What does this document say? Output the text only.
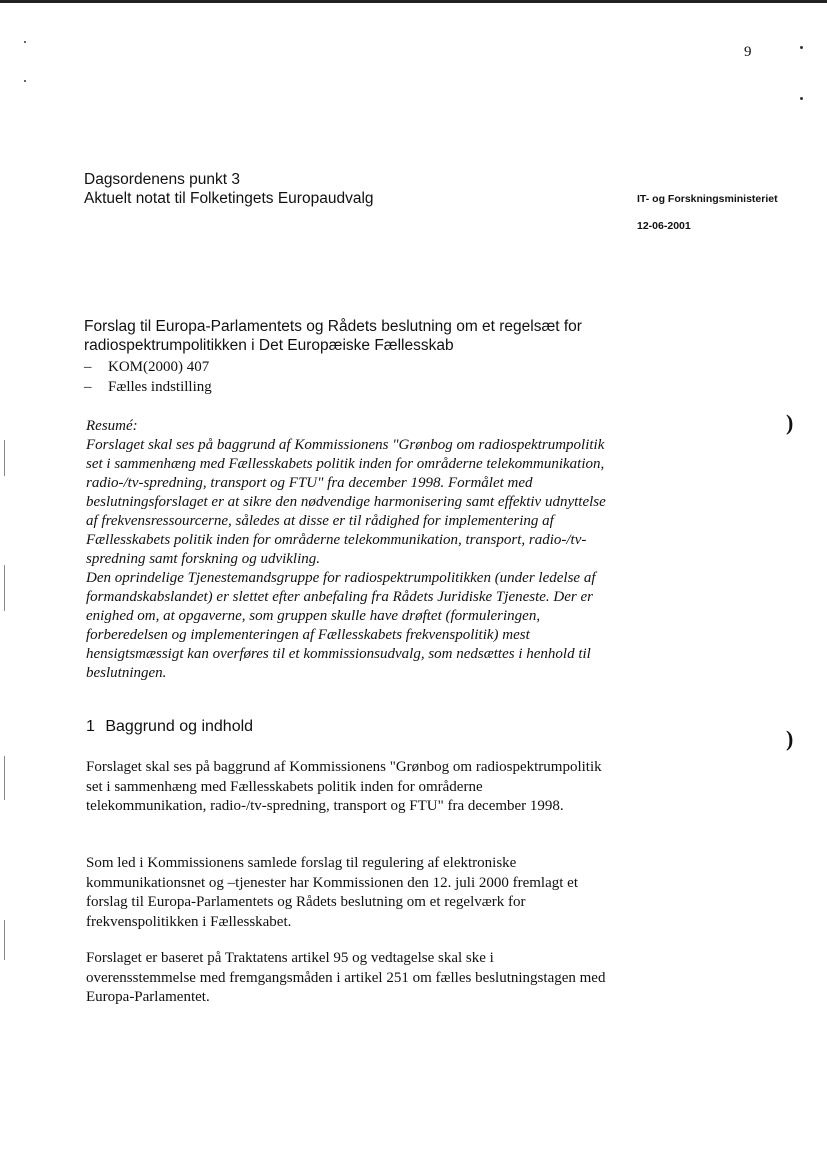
9
Dagsordenens punkt 3
Aktuelt notat til Folketingets Europaudvalg	IT- og Forskningsministeriet
12-06-2001
Forslag til Europa-Parlamentets og Rådets beslutning om et regelsæt for radiospektrumpolitikken i Det Europæiske Fællesskab
– KOM(2000) 407
– Fælles indstilling

Resumé:

Forslaget skal ses på baggrund af Kommissionens "Grønbog om radiospektrumpolitik set i sammenhæng med Fællesskabets politik inden for områderne telekommunikation, radio-/tv-spredning, transport og FTU" fra december 1998. Formålet med beslutningsforslaget er at sikre den nødvendige harmonisering samt effektiv udnyttelse af frekvensressourcerne, således at disse er til rådighed for implementering af Fællesskabets politik inden for områderne telekommunikation, transport, radio-/tv-spredning samt forskning og udvikling.

Den oprindelige Tjenestemandsgruppe for radiospektrumpolitikken (under ledelse af formandskabslandet) er slettet efter anbefaling fra Rådets Juridiske Tjeneste. Der er enighed om, at opgaverne, som gruppen skulle have drøftet (formuleringen, forberedelsen og implementeringen af Fællesskabets frekvenspolitik) mest hensigtsmæssigt kan overføres til et kommissionsudvalg, som nedsættes i henhold til beslutningen.

1 Baggrund og indhold

Forslaget skal ses på baggrund af Kommissionens "Grønbog om radiospektrumpolitik set i sammenhæng med Fællesskabets politik inden for områderne telekommunikation, radio-/tv-spredning, transport og FTU" fra december 1998.

Som led i Kommissionens samlede forslag til regulering af elektroniske kommunikationsnet og –tjenester har Kommissionen den 12. juli 2000 fremlagt et forslag til Europa-Parlamentets og Rådets beslutning om et regelværk for frekvenspolitikken i Fællesskabet.

Forslaget er baseret på Traktatens artikel 95 og vedtagelse skal ske i overensstemmelse med fremgangsmåden i artikel 251 om fælles beslutningstagen med Europa-Parlamentet.

)
)
